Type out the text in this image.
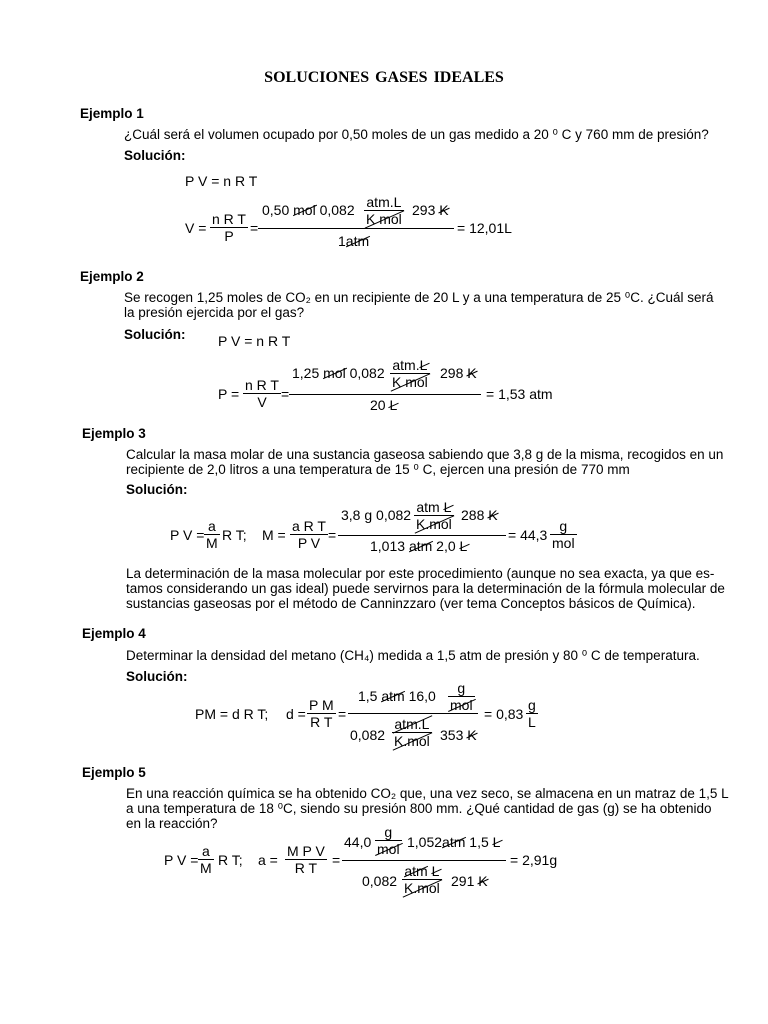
SOLUCIONES GASES IDEALES
Ejemplo 1
¿Cuál será el volumen ocupado por 0,50 moles de un gas medido a 20 ⁰ C y 760 mm de presión?
Solución:
P V = n R T
$V = \frac{\text{n R T}}{P}$ =
0,50 mol 0,082 atm.L
K mol
293 K
1atm
= 12,01L
Ejemplo 2
Se recogen 1,25 moles de CO₂ en un recipiente de 20 L y a una temperatura de 25 ⁰C. ¿Cuál será
la presión ejercida por el gas?
Solución: P V = n R T
$P = \frac{\text{n R T}}{V}$ =
1,25 mol 0,082 atm.L
K mol
298 K
20 L
= 1,53 atm
Ejemplo 3
Calcular la masa molar de una sustancia gaseosa sabiendo que 3,8 g de la misma, recogidos en un
recipiente de 2,0 litros a una temperatura de 15 ⁰ C, ejercen una presión de 770 mm
Solución:
P V =
a
M R T; $M = \frac{\text{a R T}}{\text{P V}}$ =
3,8 g 0,082 atm L
K.mol
288 K
1,013 atm 2,0 L
= 44,3
g
mol
La determinación de la masa molecular por este procedimiento (aunque no sea exacta, ya que es-
tamos considerando un gas ideal) puede servirnos para la determinación de la fórmula molecular de
sustancias gaseosas por el método de Canninzzaro (ver tema Conceptos básicos de Química).
Ejemplo 4
Determinar la densidad del metano (CH₄) medida a 1,5 atm de presión y 80 ⁰ C de temperatura.
Solución:
PM = d R T; $d = \frac{\text{P M}}{\text{R T}}$ =
1,5 atm 16,0	g
mol
0,082
atm.L
K.mol 353 K
= 0,83
g
L
Ejemplo 5
En una reacción química se ha obtenido CO₂ que, una vez seco, se almacena en un matraz de 1,5 L
a una temperatura de 18 ⁰C, siendo su presión 800 mm. ¿Qué cantidad de gas (g) se ha obtenido
en la reacción?
P V =
a
M R T; $a = \frac{\text{M P V}}{\text{R T}}$ =
44,0
g
mol 1,052atm 1,5 L
0,082
atm L
K.mol 291 K
= 2,91g
